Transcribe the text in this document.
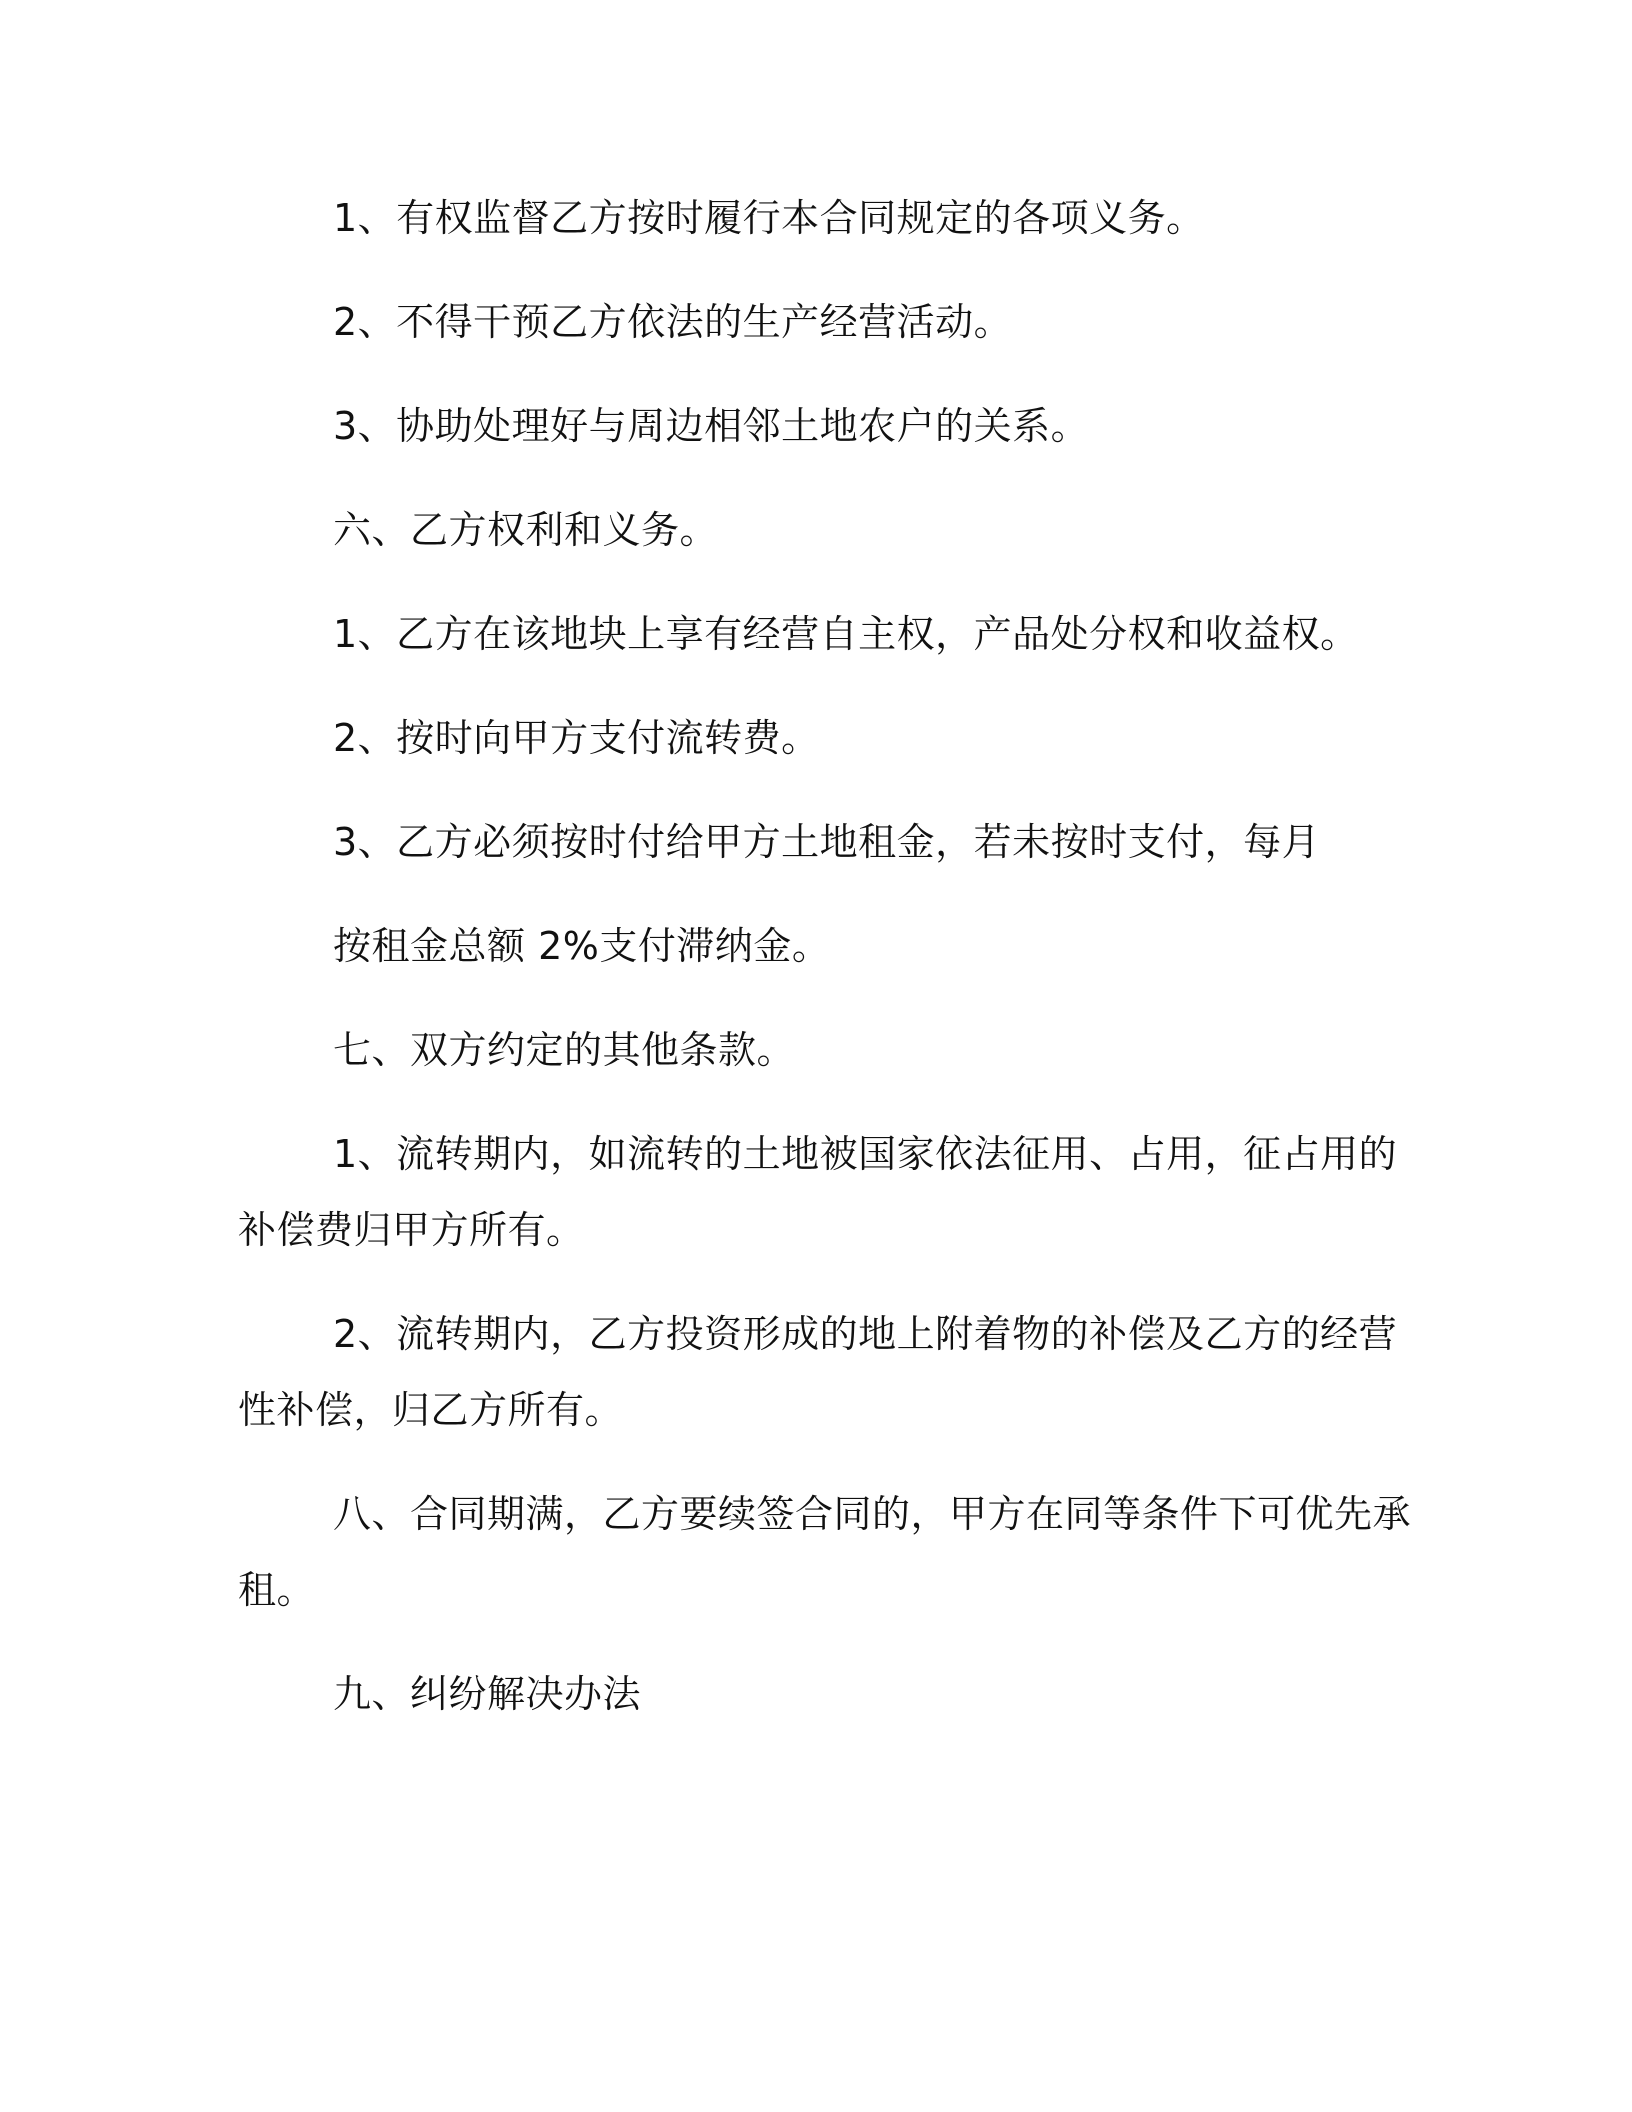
1、有权监督乙方按时履行本合同规定的各项义务。
2、不得干预乙方依法的生产经营活动。
3、协助处理好与周边相邻土地农户的关系。
六、乙方权利和义务。
1、乙方在该地块上享有经营自主权，产品处分权和收益权。
2、按时向甲方支付流转费。
3、乙方必须按时付给甲方土地租金，若未按时支付，每月
按租金总额 2%支付滞纳金。
七、双方约定的其他条款。
1、流转期内，如流转的土地被国家依法征用、占用，征占用的
补偿费归甲方所有。
2、流转期内，乙方投资形成的地上附着物的补偿及乙方的经营
性补偿，归乙方所有。
八、合同期满，乙方要续签合同的，甲方在同等条件下可优先承
租。
九、纠纷解决办法
